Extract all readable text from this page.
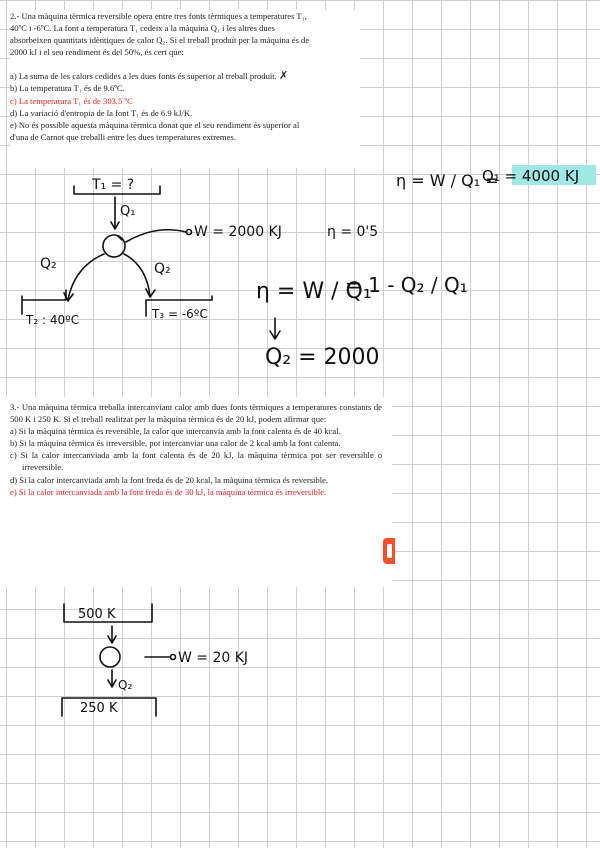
2.- Una màquina tèrmica reversible opera entre tres fonts tèrmiques a temperatures T₁,
40ºC i -6ºC. La font a temperatura T₁ cedeix a la màquina Q₁ i les altres dues
absorbeixen quantitats idèntiques de calor Q₂. Si el treball produït per la màquina és de
2000 kJ i el seu rendiment és del 50%, és cert que:
a) La suma de les calors cedides a les dues fonts és superior al treball produït. ✗
b) La temperatura T₁ és de 9.6ºC.
c) La temperatura T₁ és de 303.5 ºC
d) La variació d'entropia de la font T₁ és de 6.9 kJ/K.
e) No és possible aquesta màquina tèrmica donat que el seu rendiment és superior al
d'una de Carnot que treballi entre les dues temperatures extremes.

3.- Una màquina tèrmica treballa intercanviant calor amb dues fonts tèrmiques a temperatures constants de 500 K i 250 K. Si el treball realitzat per la màquina tèrmica és de 20 kJ, podem afirmar que:

a) Si la màquina tèrmica és reversible, la calor que intercanvia amb la font calenta és de 40 kcal.

b) Si la màquina tèrmica és irreversible, pot intercanviar una calor de 2 kcal amb la font calenta.

c) Si la calor intercanviada amb la font calenta és de 20 kJ, la màquina tèrmica pot ser reversible o irreversible.

d) Si la calor intercanviada amb la font freda és de 20 kcal, la màquina tèrmica és reversible.

e) Si la calor intercanviada amb la font freda és de 30 kJ, la màquina tèrmica és irreversible.

T₁ = ?
Q₁
W = 2000 KJ	η = 0'5
Q₂	Q₂
T₂ : 40ºC	T₃ = -6ºC
η = W / Q₁ =
Q₁ = 4000 KJ
η = W / Q₁
= 1 - Q₂ / Q₁
Q₂ = 2000
500 K
W = 20 KJ
Q₂
250 K
